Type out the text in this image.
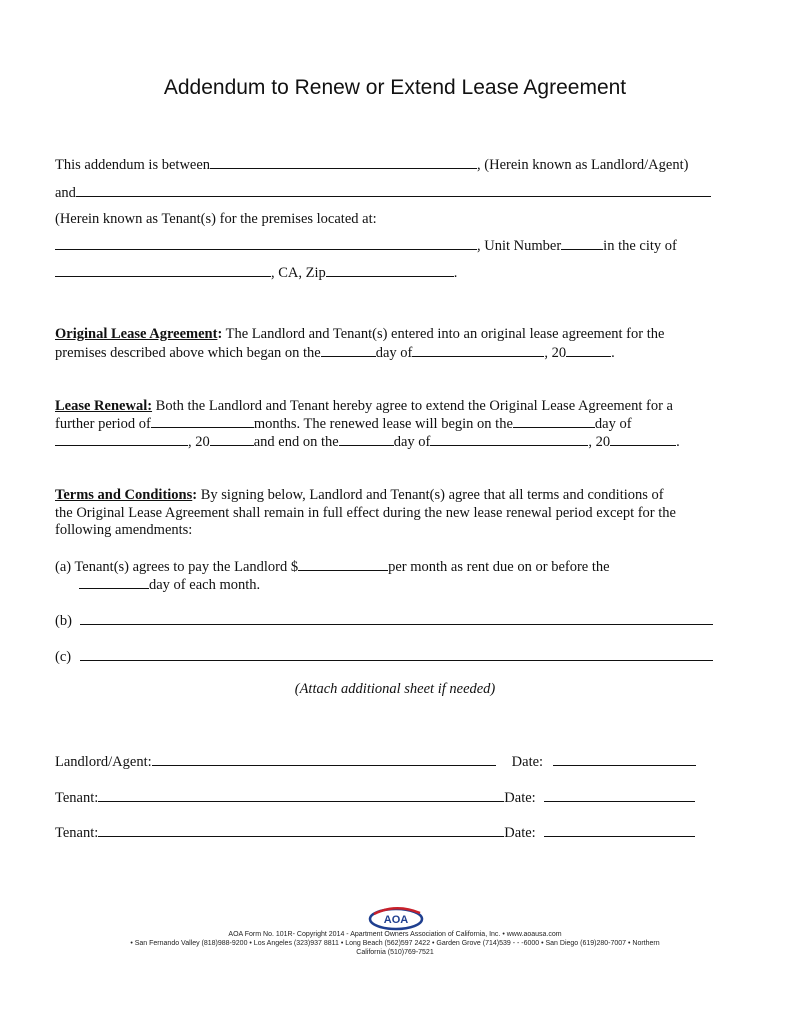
Addendum to Renew or Extend Lease Agreement
This addendum is between	, (Herein known as Landlord/Agent)
and
(Herein known as Tenant(s) for the premises located at:
, Unit Number	in the city of
, CA, Zip	.
Original Lease Agreement: The Landlord and Tenant(s) entered into an original lease agreement for the
premises described above which began on the	day of	, 20	.
Lease Renewal: Both the Landlord and Tenant hereby agree to extend the Original Lease Agreement for a
further period of	months. The renewed lease will begin on the	day of
, 20	and end on the	day of	, 20	.
Terms and Conditions: By signing below, Landlord and Tenant(s) agree that all terms and conditions of
the Original Lease Agreement shall remain in full effect during the new lease renewal period except for the
following amendments:
(a) Tenant(s) agrees to pay the Landlord $	per month as rent due on or before the
day of each month.
(b)
(c)
(Attach additional sheet if needed)
Landlord/Agent:	Date:
Tenant:	Date:
Tenant:	Date:
AOA
AOA Form No. 101R- Copyright 2014 - Apartment Owners Association of California, Inc. • www.aoausa.com
• San Fernando Valley (818)988-9200 • Los Angeles (323)937 8811 • Long Beach (562)597 2422 • Garden Grove (714)539 - - -6000 • San Diego (619)280-7007 • Northern
California (510)769-7521
